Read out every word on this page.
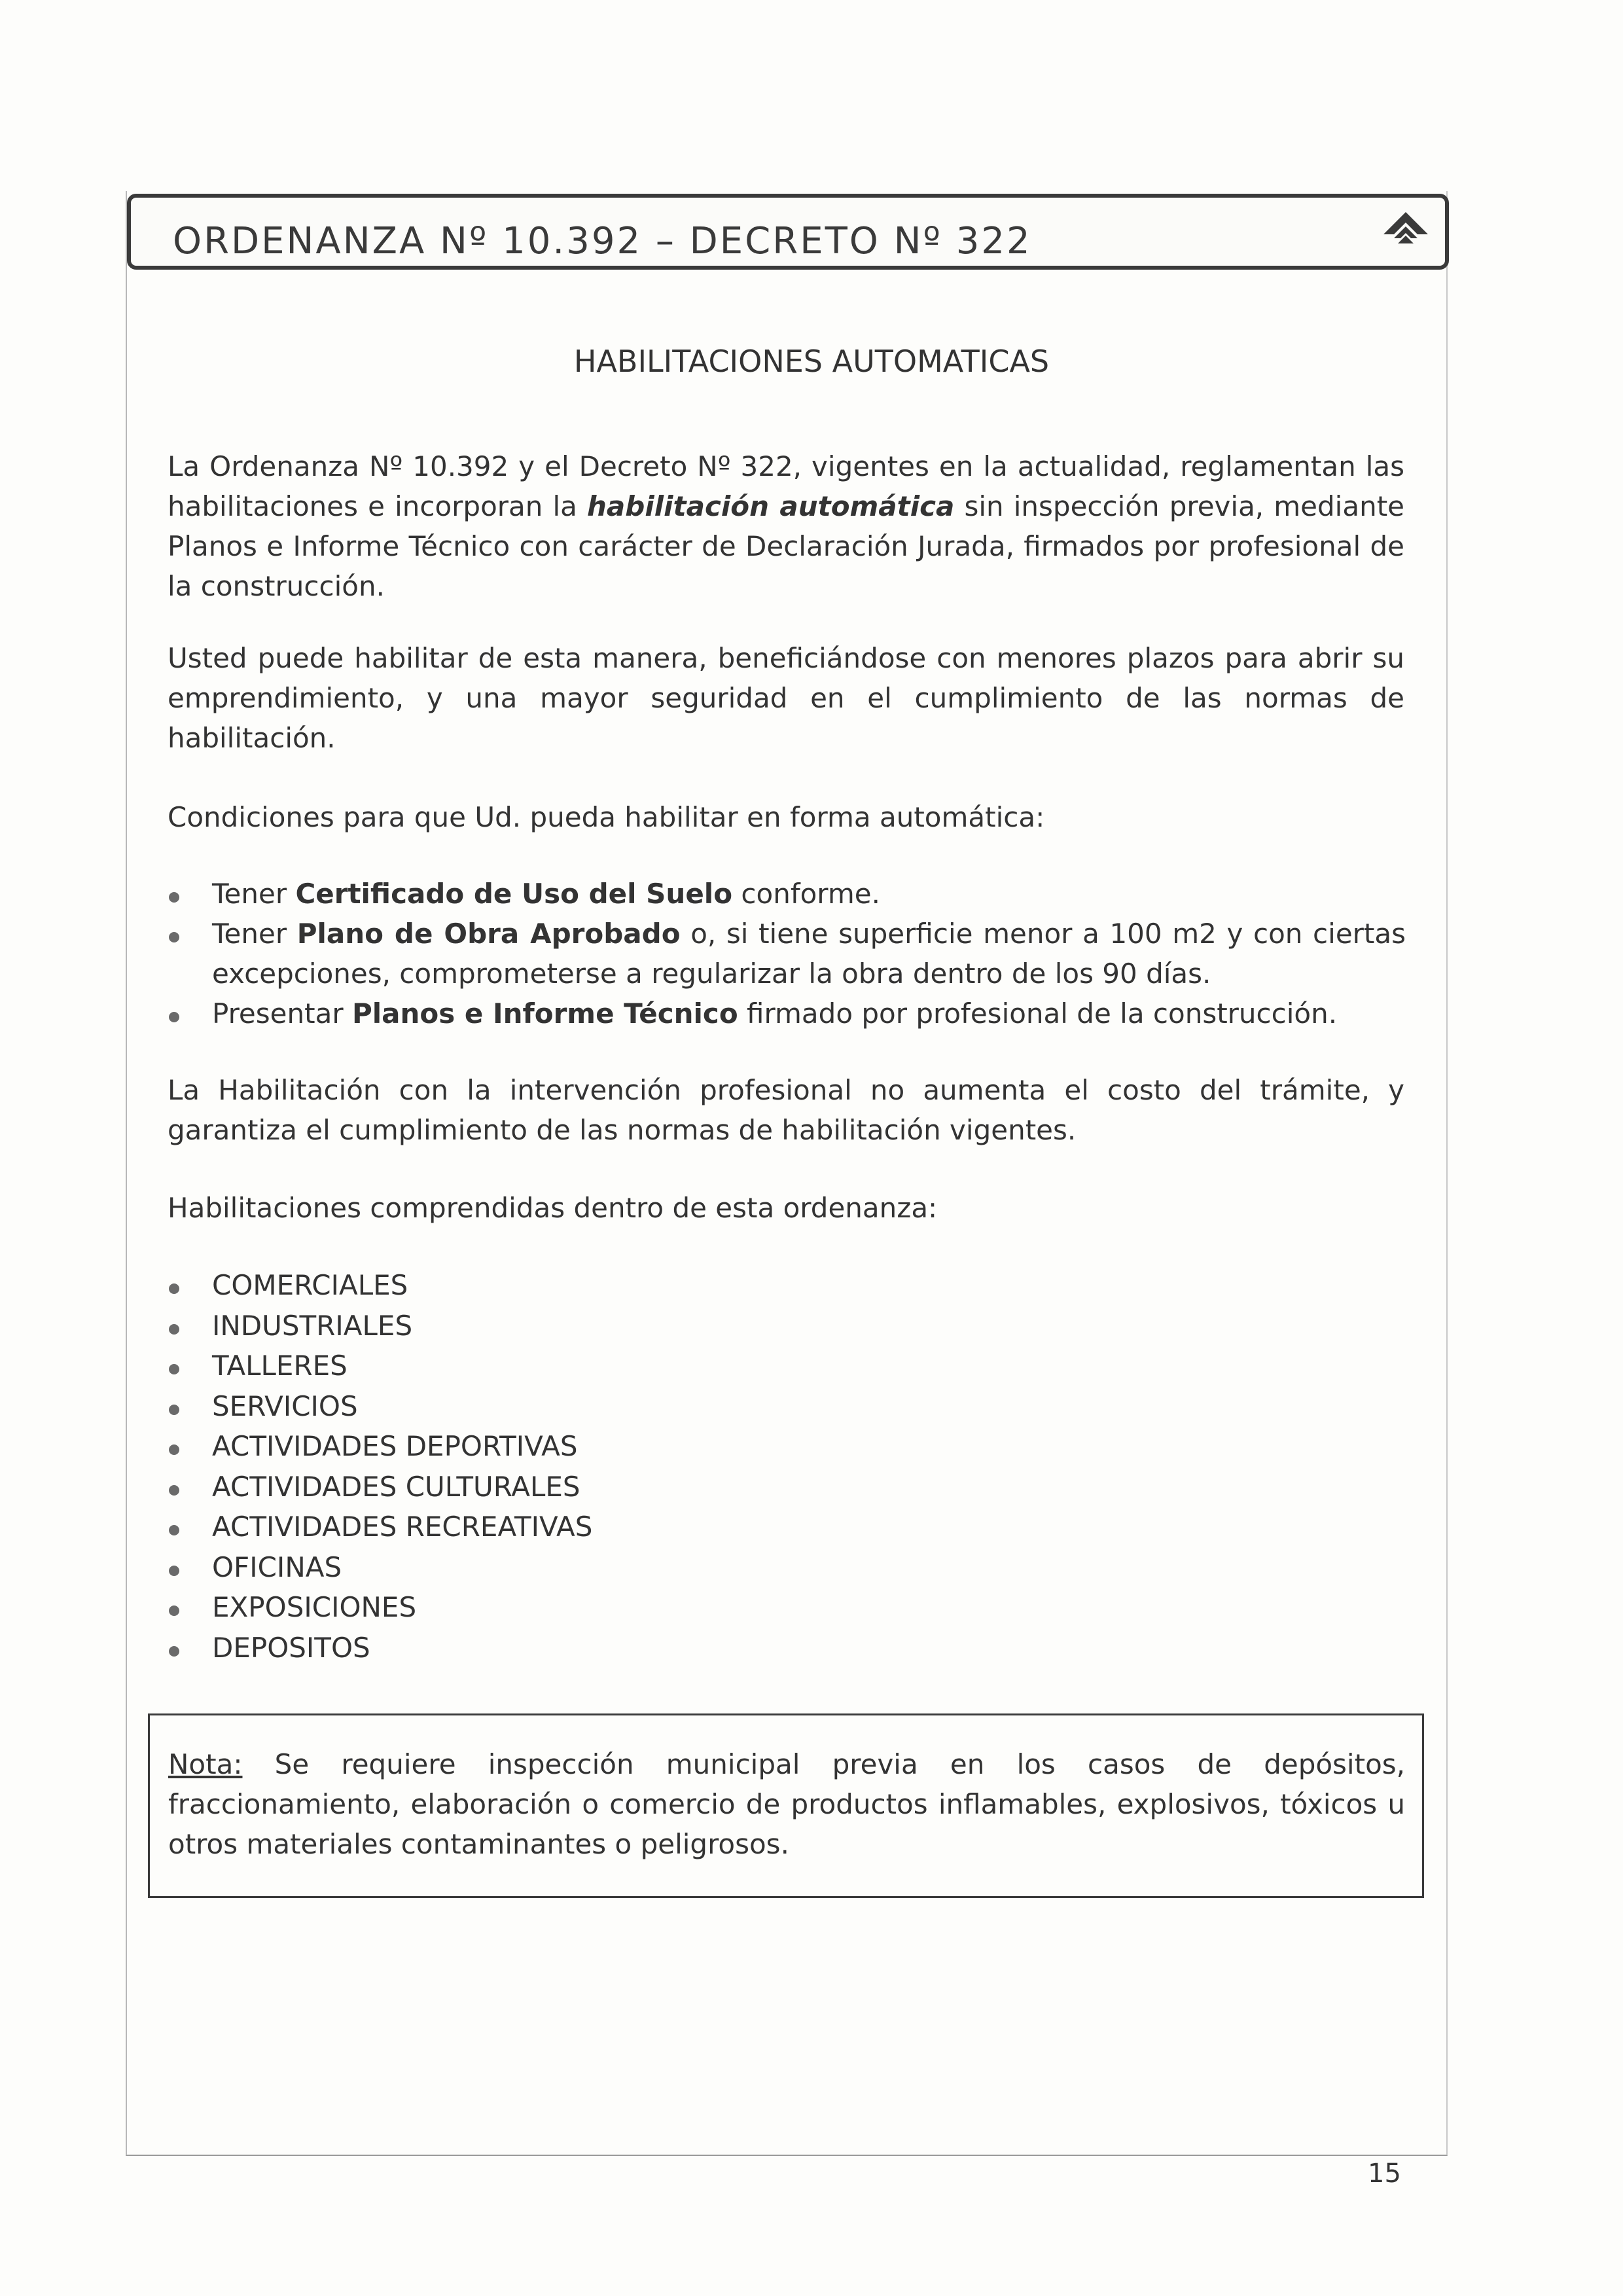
ORDENANZA Nº 10.392 – DECRETO Nº 322
HABILITACIONES AUTOMATICAS
La Ordenanza Nº 10.392 y el Decreto Nº 322, vigentes en la actualidad, reglamentan las habilitaciones e incorporan la habilitación automática sin inspección previa, mediante Planos e Informe Técnico con carácter de Declaración Jurada, firmados por profesional de la construcción.
Usted puede habilitar de esta manera, beneficiándose con menores plazos para abrir su emprendimiento, y una mayor seguridad en el cumplimiento de las normas de habilitación.
Condiciones para que Ud. pueda habilitar en forma automática:
Tener Certificado de Uso del Suelo conforme.
Tener Plano de Obra Aprobado o, si tiene superficie menor a 100 m2 y con ciertas excepciones, comprometerse a regularizar la obra dentro de los 90 días.
Presentar Planos e Informe Técnico firmado por profesional de la construcción.
La Habilitación con la intervención profesional no aumenta el costo del trámite, y garantiza el cumplimiento de las normas de habilitación vigentes.
Habilitaciones comprendidas dentro de esta ordenanza:
COMERCIALES
INDUSTRIALES
TALLERES
SERVICIOS
ACTIVIDADES DEPORTIVAS
ACTIVIDADES CULTURALES
ACTIVIDADES RECREATIVAS
OFICINAS
EXPOSICIONES
DEPOSITOS
Nota: Se requiere inspección municipal previa en los casos de depósitos, fraccionamiento, elaboración o comercio de productos inflamables, explosivos, tóxicos u otros materiales contaminantes o peligrosos.
15
